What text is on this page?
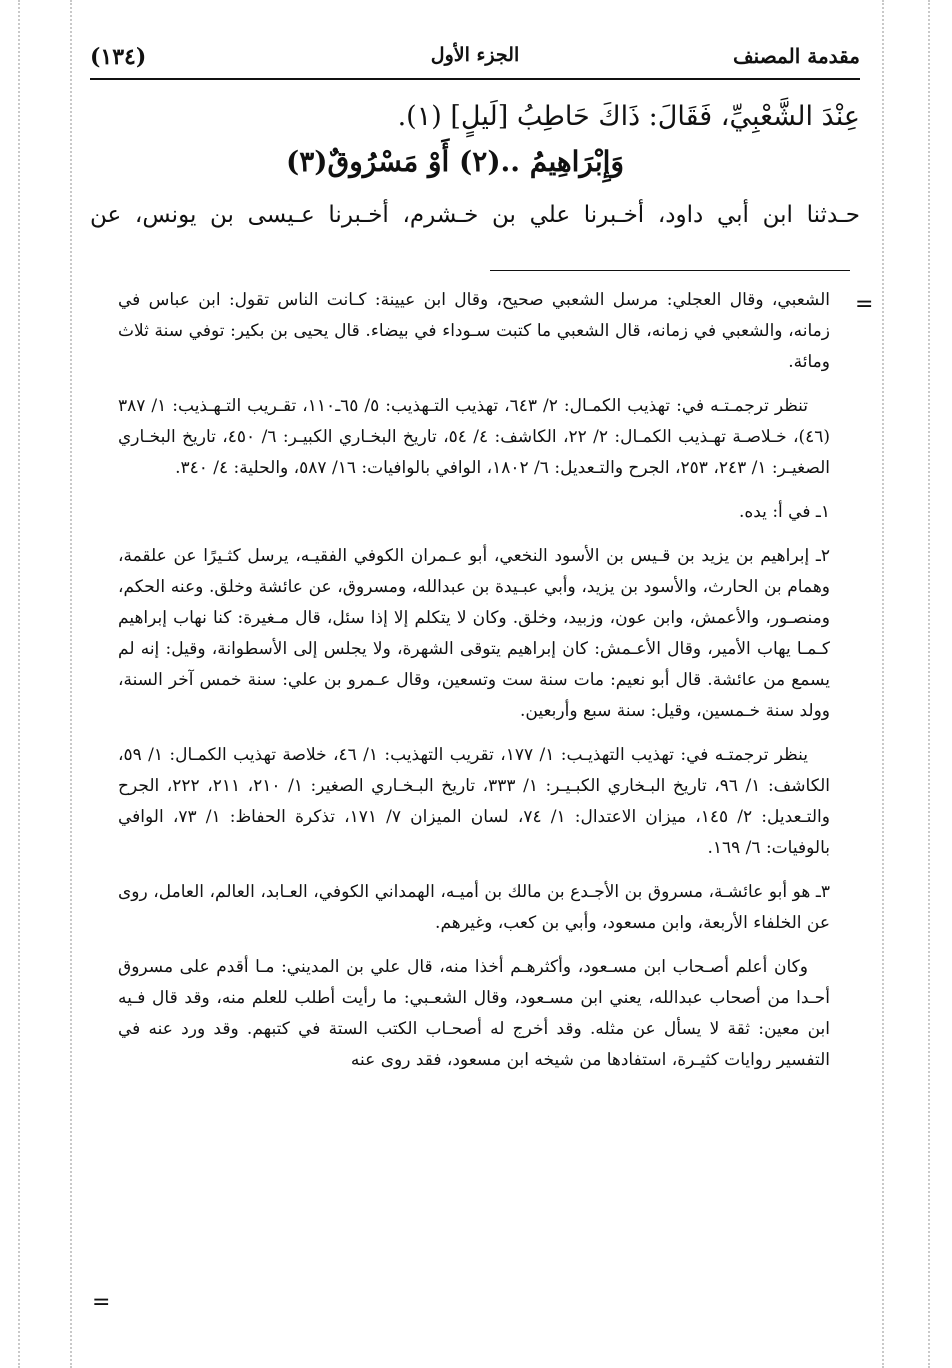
مقدمة المصنف
الجزء الأول
(١٣٤)
عِنْدَ الشَّعْبِيِّ، فَقَالَ: ذَاكَ حَاطِبُ [لَيلٍ] (١).
وَإِبْرَاهِيمُ ..(٢) أَوْ مَسْرُوقٌ(٣)
حـدثنا ابن أبي داود، أخـبرنا علي بن خـشرم، أخـبرنا عـيسى بن يونس، عن
=

الشعبي، وقال العجلي: مرسل الشعبي صحيح، وقال ابن عيينة: كـانت الناس تقول: ابن عباس في زمانه، والشعبي في زمانه، قال الشعبي ما كتبت سـوداء في بيضاء. قال يحيى بن بكير: توفي سنة ثلاث ومائة.

تنظر ترجمـتـه في: تهذيب الكمـال: ٢/ ٦٤٣، تهذيب التـهذيب: ٥/ ٦٥ـ١١٠، تقـريب التـهـذيب: ١/ ٣٨٧ (٤٦)، خـلاصـة تهـذيب الكمـال: ٢/ ٢٢، الكاشف: ٤/ ٥٤، تاريخ البخـاري الكبيـر: ٦/ ٤٥٠، تاريخ البخـاري الصغيـر: ١/ ٢٤٣، ٢٥٣، الجرح والتـعديل: ٦/ ١٨٠٢، الوافي بالوافيات: ١٦/ ٥٨٧، والحلية: ٤/ ٣٤٠.

١ـ في أ: يده.

٢ـ إبراهيم بن يزيد بن قـيس بن الأسود النخعي، أبو عـمران الكوفي الفقيـه، يرسل كثـيرًا عن علقمة، وهمام بن الحارث، والأسود بن يزيد، وأبي عبـيدة بن عبدالله، ومسروق، عن عائشة وخلق. وعنه الحكم، ومنصـور، والأعمش، وابن عون، وزبيد، وخلق. وكان لا يتكلم إلا إذا سئل، قال مـغيرة: كنا نهاب إبراهيم كـمـا يهاب الأمير، وقال الأعـمش: كان إبراهيم يتوقى الشهرة، ولا يجلس إلى الأسطوانة، وقيل: إنه لم يسمع من عائشة. قال أبو نعيم: مات سنة ست وتسعين، وقال عـمرو بن علي: سنة خمس آخر السنة، وولد سنة خـمسين، وقيل: سنة سبع وأربعين.

ينظر ترجمتـه في: تهذيب التهذيـب: ١/ ١٧٧، تقريب التهذيب: ١/ ٤٦، خلاصة تهذيب الكمـال: ١/ ٥٩، الكاشف: ١/ ٩٦، تاريخ البـخاري الكبـيـر: ١/ ٣٣٣، تاريخ البـخـاري الصغير: ١/ ٢١٠، ٢١١، ٢٢٢، الجرح والتـعديل: ٢/ ١٤٥، ميزان الاعتدال: ١/ ٧٤، لسان الميزان ٧/ ١٧١، تذكرة الحفاظ: ١/ ٧٣، الوافي بالوفيات: ٦/ ١٦٩.

٣ـ هو أبو عائشـة، مسروق بن الأجـدع بن مالك بن أميـه، الهمداني الكوفي، العـابد، العالم، العامل، روى عن الخلفاء الأربعة، وابن مسعود، وأبي بن كعب، وغيرهم.

وكان أعلم أصـحاب ابن مسـعود، وأكثرهـم أخذا منه، قال علي بن المديني: مـا أقدم على مسروق أحـدا من أصحاب عبدالله، يعني ابن مسـعود، وقال الشعـبي: ما رأيت أطلب للعلم منه، وقد قال فـيه ابن معين: ثقة لا يسأل عن مثله. وقد أخرج له أصحـاب الكتب الستة في كتبهم. وقد ورد عنه في التفسير روايات كثيـرة، استفادها من شيخه ابن مسعود، فقد روى عنه

=
